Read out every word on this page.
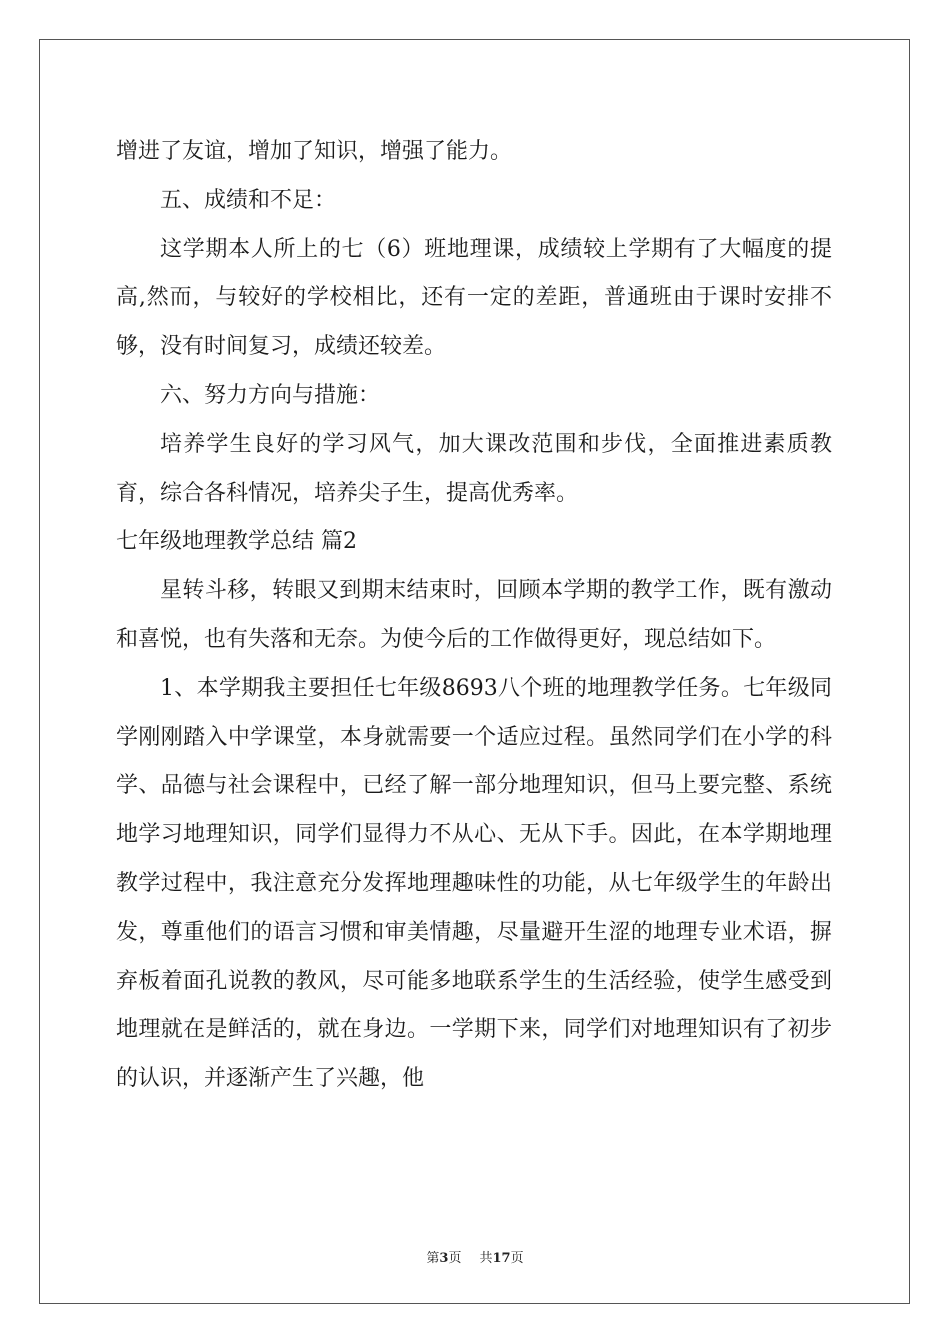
增进了友谊，增加了知识，增强了能力。

五、成绩和不足：

这学期本人所上的七（6）班地理课，成绩较上学期有了大幅度的提高,然而，与较好的学校相比，还有一定的差距，普通班由于课时安排不够，没有时间复习，成绩还较差。

六、努力方向与措施：

培养学生良好的学习风气，加大课改范围和步伐，全面推进素质教育，综合各科情况，培养尖子生，提高优秀率。

七年级地理教学总结 篇2

星转斗移，转眼又到期末结束时，回顾本学期的教学工作，既有激动和喜悦，也有失落和无奈。为使今后的工作做得更好，现总结如下。

1、本学期我主要担任七年级8693八个班的地理教学任务。七年级同学刚刚踏入中学课堂，本身就需要一个适应过程。虽然同学们在小学的科学、品德与社会课程中，已经了解一部分地理知识，但马上要完整、系统地学习地理知识，同学们显得力不从心、无从下手。因此，在本学期地理教学过程中，我注意充分发挥地理趣味性的功能，从七年级学生的年龄出发，尊重他们的语言习惯和审美情趣，尽量避开生涩的地理专业术语，摒弃板着面孔说教的教风，尽可能多地联系学生的生活经验，使学生感受到地理就在是鲜活的，就在身边。一学期下来，同学们对地理知识有了初步的认识，并逐渐产生了兴趣，他

第3页 共17页
